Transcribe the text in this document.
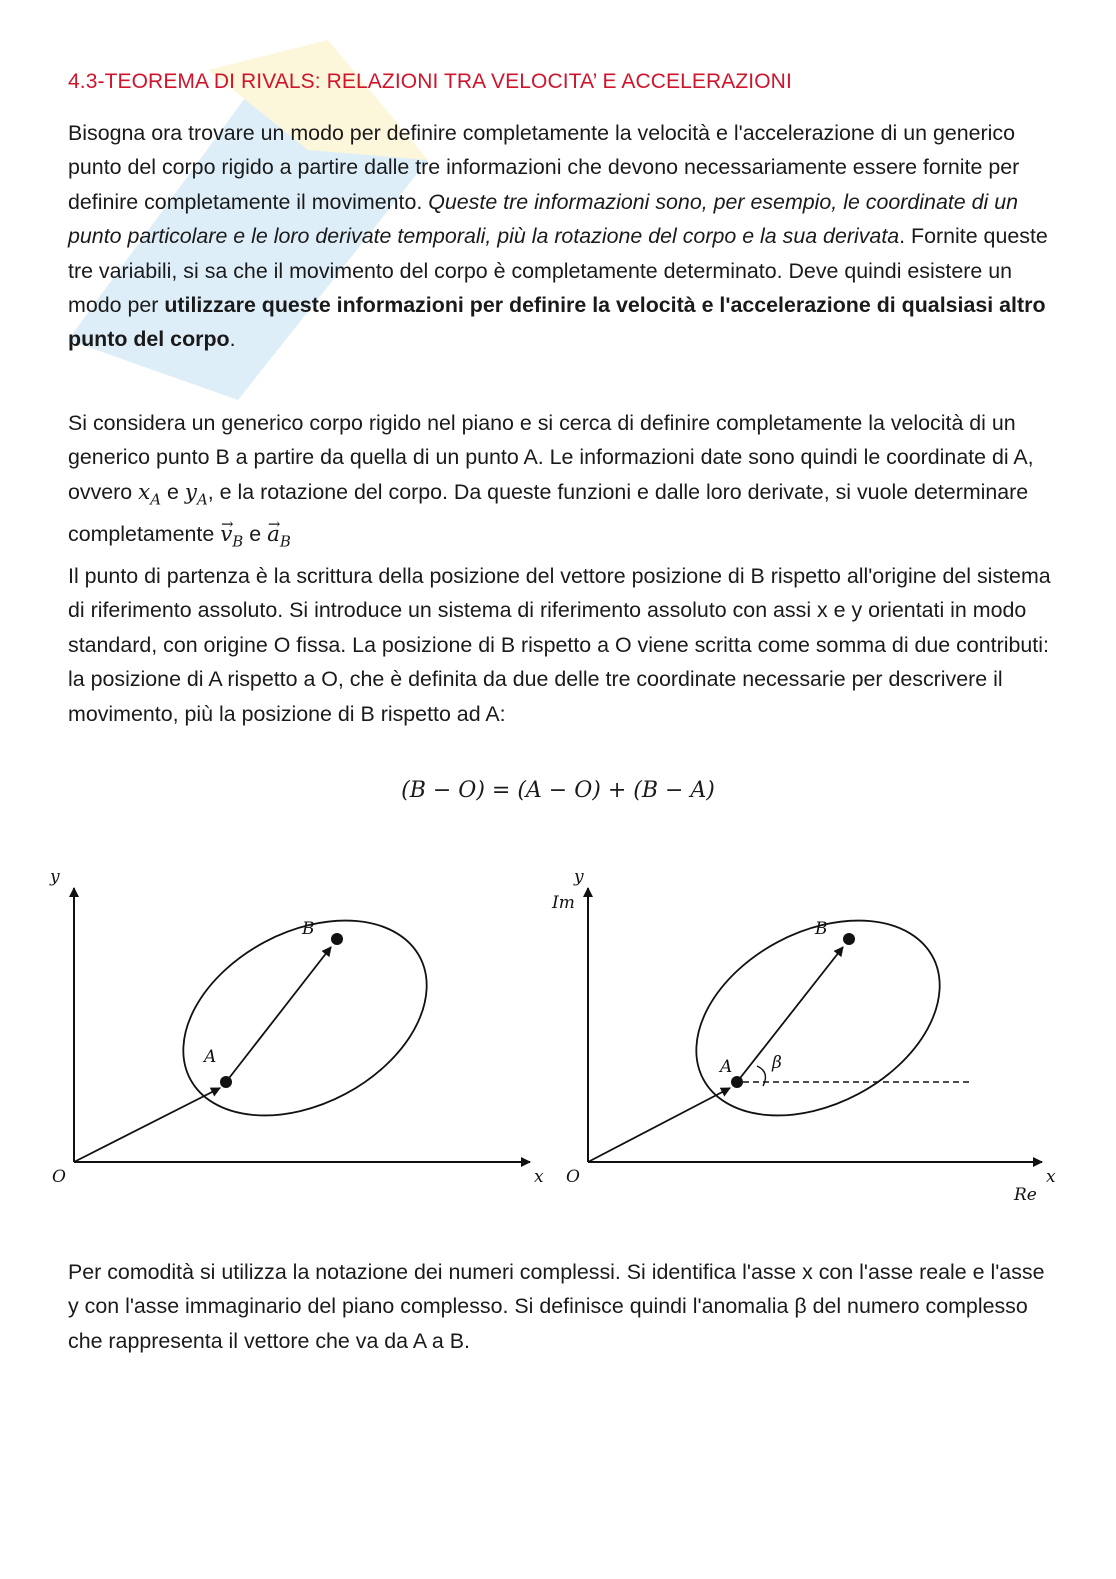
4.3-TEOREMA DI RIVALS: RELAZIONI TRA VELOCITA’ E ACCELERAZIONI

Bisogna ora trovare un modo per definire completamente la velocità e l'accelerazione di un generico punto del corpo rigido a partire dalle tre informazioni che devono necessariamente essere fornite per definire completamente il movimento. Queste tre informazioni sono, per esempio, le coordinate di un punto particolare e le loro derivate temporali, più la rotazione del corpo e la sua derivata. Fornite queste tre variabili, si sa che il movimento del corpo è completamente determinato. Deve quindi esistere un modo per utilizzare queste informazioni per definire la velocità e l'accelerazione di qualsiasi altro punto del corpo.

Si considera un generico corpo rigido nel piano e si cerca di definire completamente la velocità di un generico punto B a partire da quella di un punto A. Le informazioni date sono quindi le coordinate di A, ovvero $x_A$ e $y_A$, e la rotazione del corpo. Da queste funzioni e dalle loro derivate, si vuole determinare completamente → $v_B$ $e \to a_B$

Il punto di partenza è la scrittura della posizione del vettore posizione di B rispetto all'origine del sistema di riferimento assoluto. Si introduce un sistema di riferimento assoluto con assi x e y orientati in modo standard, con origine O fissa. La posizione di B rispetto a O viene scritta come somma di due contributi: la posizione di A rispetto a O, che è definita da due delle tre coordinate necessarie per descrivere il movimento, più la posizione di B rispetto ad A:

(B − O) = (A − O) + (B − A)
y
x
O
A
B
y
Im
x
Re
O
A
B
β

Per comodità si utilizza la notazione dei numeri complessi. Si identifica l'asse x con l'asse reale e l'asse y con l'asse immaginario del piano complesso. Si definisce quindi l'anomalia β del numero complesso che rappresenta il vettore che va da A a B.
